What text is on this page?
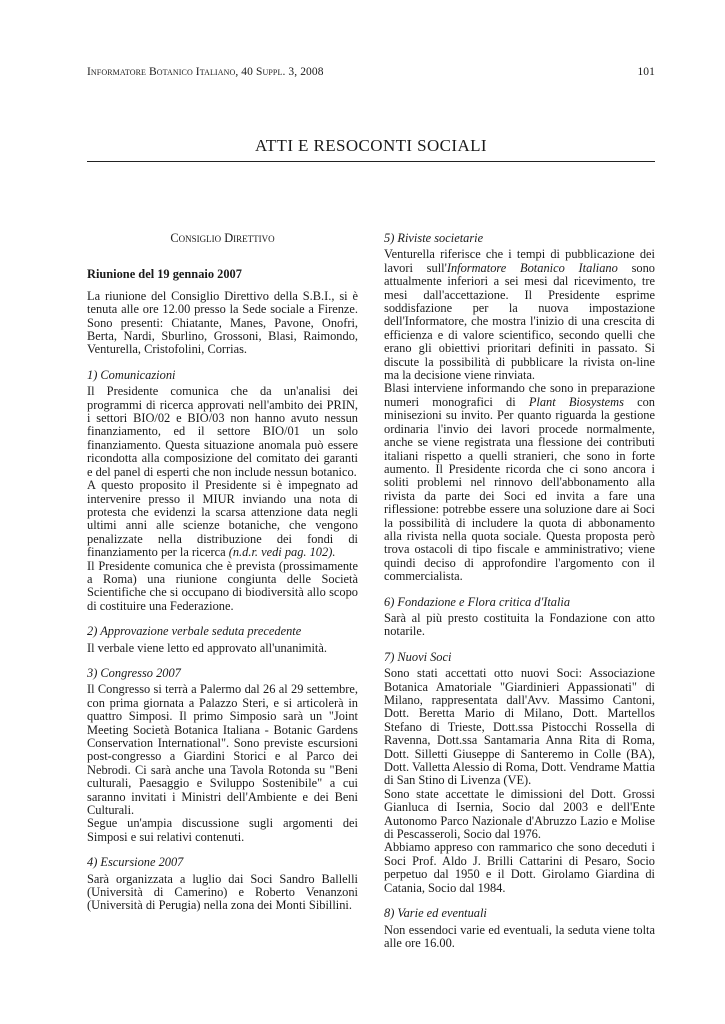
Informatore Botanico Italiano, 40 Suppl. 3, 2008	101
ATTI E RESOCONTI SOCIALI

Consiglio Direttivo

Riunione del 19 gennaio 2007

La riunione del Consiglio Direttivo della S.B.I., si è tenuta alle ore 12.00 presso la Sede sociale a Firenze. Sono presenti: Chiatante, Manes, Pavone, Onofri, Berta, Nardi, Sburlino, Grossoni, Blasi, Raimondo, Venturella, Cristofolini, Corrias.

1) Comunicazioni

Il Presidente comunica che da un'analisi dei programmi di ricerca approvati nell'ambito dei PRIN, i settori BIO/02 e BIO/03 non hanno avuto nessun finanziamento, ed il settore BIO/01 un solo finanziamento. Questa situazione anomala può essere ricondotta alla composizione del comitato dei garanti e del panel di esperti che non include nessun botanico.

A questo proposito il Presidente si è impegnato ad intervenire presso il MIUR inviando una nota di protesta che evidenzi la scarsa attenzione data negli ultimi anni alle scienze botaniche, che vengono penalizzate nella distribuzione dei fondi di finanziamento per la ricerca (n.d.r. vedi pag. 102).

Il Presidente comunica che è prevista (prossimamente a Roma) una riunione congiunta delle Società Scientifiche che si occupano di biodiversità allo scopo di costituire una Federazione.

2) Approvazione verbale seduta precedente

Il verbale viene letto ed approvato all'unanimità.

3) Congresso 2007

Il Congresso si terrà a Palermo dal 26 al 29 settembre, con prima giornata a Palazzo Steri, e si articolerà in quattro Simposi. Il primo Simposio sarà un "Joint Meeting Società Botanica Italiana - Botanic Gardens Conservation International". Sono previste escursioni post-congresso a Giardini Storici e al Parco dei Nebrodi. Ci sarà anche una Tavola Rotonda su "Beni culturali, Paesaggio e Sviluppo Sostenibile" a cui saranno invitati i Ministri dell'Ambiente e dei Beni Culturali.

Segue un'ampia discussione sugli argomenti dei Simposi e sui relativi contenuti.

4) Escursione 2007

Sarà organizzata a luglio dai Soci Sandro Ballelli (Università di Camerino) e Roberto Venanzoni (Università di Perugia) nella zona dei Monti Sibillini.

5) Riviste societarie

Venturella riferisce che i tempi di pubblicazione dei lavori sull'Informatore Botanico Italiano sono attualmente inferiori a sei mesi dal ricevimento, tre mesi dall'accettazione. Il Presidente esprime soddisfazione per la nuova impostazione dell'Informatore, che mostra l'inizio di una crescita di efficienza e di valore scientifico, secondo quelli che erano gli obiettivi prioritari definiti in passato. Si discute la possibilità di pubblicare la rivista on-line ma la decisione viene rinviata.

Blasi interviene informando che sono in preparazione numeri monografici di Plant Biosystems con minisezioni su invito. Per quanto riguarda la gestione ordinaria l'invio dei lavori procede normalmente, anche se viene registrata una flessione dei contributi italiani rispetto a quelli stranieri, che sono in forte aumento. Il Presidente ricorda che ci sono ancora i soliti problemi nel rinnovo dell'abbonamento alla rivista da parte dei Soci ed invita a fare una riflessione: potrebbe essere una soluzione dare ai Soci la possibilità di includere la quota di abbonamento alla rivista nella quota sociale. Questa proposta però trova ostacoli di tipo fiscale e amministrativo; viene quindi deciso di approfondire l'argomento con il commercialista.

6) Fondazione e Flora critica d'Italia

Sarà al più presto costituita la Fondazione con atto notarile.

7) Nuovi Soci

Sono stati accettati otto nuovi Soci: Associazione Botanica Amatoriale "Giardinieri Appassionati" di Milano, rappresentata dall'Avv. Massimo Cantoni, Dott. Beretta Mario di Milano, Dott. Martellos Stefano di Trieste, Dott.ssa Pistocchi Rossella di Ravenna, Dott.ssa Santamaria Anna Rita di Roma, Dott. Silletti Giuseppe di Santeremo in Colle (BA), Dott. Valletta Alessio di Roma, Dott. Vendrame Mattia di San Stino di Livenza (VE).

Sono state accettate le dimissioni del Dott. Grossi Gianluca di Isernia, Socio dal 2003 e dell'Ente Autonomo Parco Nazionale d'Abruzzo Lazio e Molise di Pescasseroli, Socio dal 1976.

Abbiamo appreso con rammarico che sono deceduti i Soci Prof. Aldo J. Brilli Cattarini di Pesaro, Socio perpetuo dal 1950 e il Dott. Girolamo Giardina di Catania, Socio dal 1984.

8) Varie ed eventuali

Non essendoci varie ed eventuali, la seduta viene tolta alle ore 16.00.
